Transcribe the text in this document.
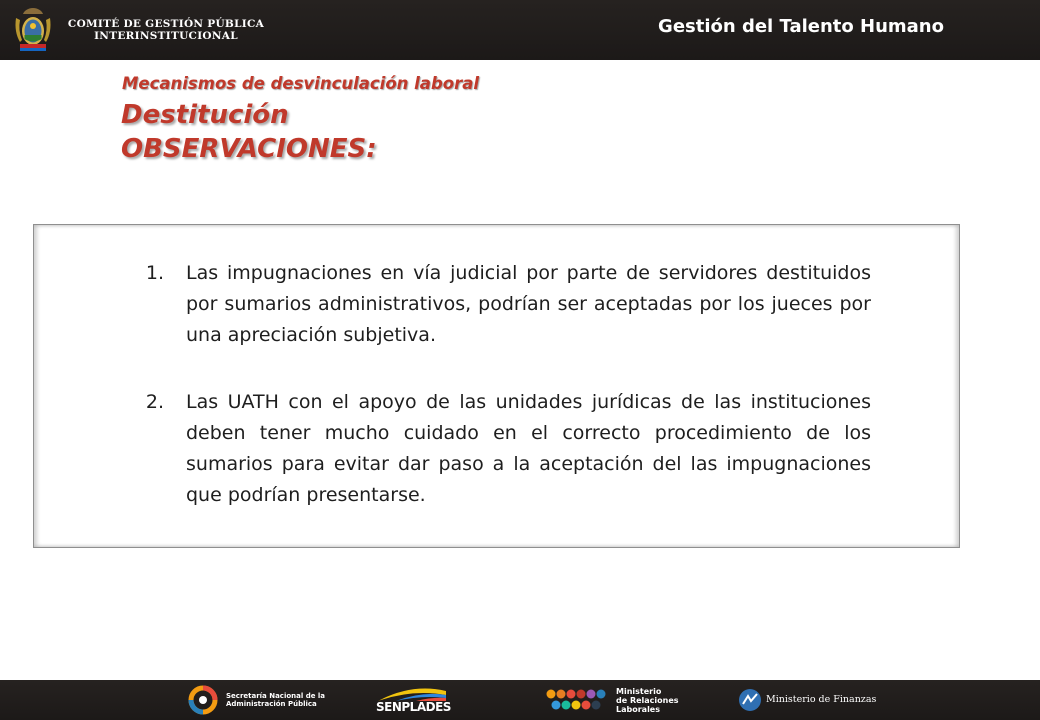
COMITÉ DE GESTIÓN PÚBLICA
INTERINSTITUCIONAL	Gestión del Talento Humano
Mecanismos de desvinculación laboral
Destitución
OBSERVACIONES:
1. Las impugnaciones en vía judicial por parte de servidores destituidos por sumarios administrativos, podrían ser aceptadas por los jueces por una apreciación subjetiva.
2. Las UATH con el apoyo de las unidades jurídicas de las instituciones deben tener mucho cuidado en el correcto procedimiento de los sumarios para evitar dar paso a la aceptación del las impugnaciones que podrían presentarse.
Secretaría Nacional de la
Administración Pública	SENPLADES
Ministerio
de Relaciones
Laborales
Ministerio de Finanzas
